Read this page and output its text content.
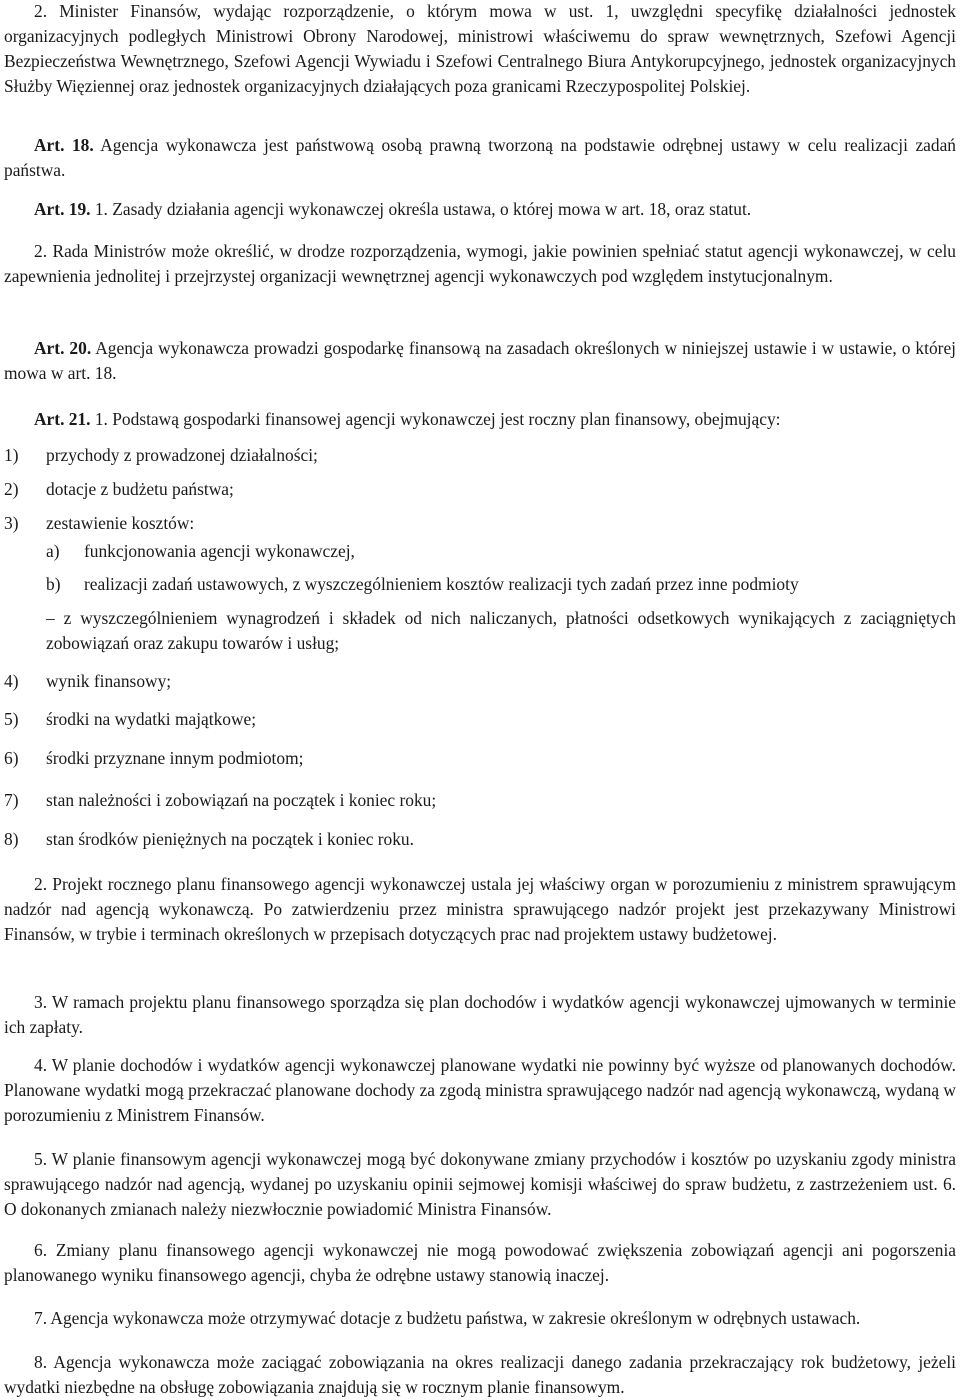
2. Minister Finansów, wydając rozporządzenie, o którym mowa w ust. 1, uwzględni specyfikę działalności jednostek organizacyjnych podległych Ministrowi Obrony Narodowej, ministrowi właściwemu do spraw wewnętrznych, Szefowi Agencji Bezpieczeństwa Wewnętrznego, Szefowi Agencji Wywiadu i Szefowi Centralnego Biura Antykorupcyjnego, jednostek organizacyjnych Służby Więziennej oraz jednostek organizacyjnych działających poza granicami Rzeczypospolitej Polskiej.

Art. 18. Agencja wykonawcza jest państwową osobą prawną tworzoną na podstawie odrębnej ustawy w celu realizacji zadań państwa.

Art. 19. 1. Zasady działania agencji wykonawczej określa ustawa, o której mowa w art. 18, oraz statut.

2. Rada Ministrów może określić, w drodze rozporządzenia, wymogi, jakie powinien spełniać statut agencji wykonawczej, w celu zapewnienia jednolitej i przejrzystej organizacji wewnętrznej agencji wykonawczych pod względem instytucjonalnym.

Art. 20. Agencja wykonawcza prowadzi gospodarkę finansową na zasadach określonych w niniejszej ustawie i w ustawie, o której mowa w art. 18.

Art. 21. 1. Podstawą gospodarki finansowej agencji wykonawczej jest roczny plan finansowy, obejmujący:

1)	przychody z prowadzonej działalności;
2)	dotacje z budżetu państwa;
3)	zestawienie kosztów:
a)	funkcjonowania agencji wykonawczej,
b)	realizacji zadań ustawowych, z wyszczególnieniem kosztów realizacji tych zadań przez inne podmioty

– z wyszczególnieniem wynagrodzeń i składek od nich naliczanych, płatności odsetkowych wynikających z zaciągniętych zobowiązań oraz zakupu towarów i usług;

4)	wynik finansowy;
5)	środki na wydatki majątkowe;
6)	środki przyznane innym podmiotom;
7)	stan należności i zobowiązań na początek i koniec roku;
8)	stan środków pieniężnych na początek i koniec roku.

2. Projekt rocznego planu finansowego agencji wykonawczej ustala jej właściwy organ w porozumieniu z ministrem sprawującym nadzór nad agencją wykonawczą. Po zatwierdzeniu przez ministra sprawującego nadzór projekt jest przekazywany Ministrowi Finansów, w trybie i terminach określonych w przepisach dotyczących prac nad projektem ustawy budżetowej.

3. W ramach projektu planu finansowego sporządza się plan dochodów i wydatków agencji wykonawczej ujmowanych w terminie ich zapłaty.

4. W planie dochodów i wydatków agencji wykonawczej planowane wydatki nie powinny być wyższe od planowanych dochodów. Planowane wydatki mogą przekraczać planowane dochody za zgodą ministra sprawującego nadzór nad agencją wykonawczą, wydaną w porozumieniu z Ministrem Finansów.

5. W planie finansowym agencji wykonawczej mogą być dokonywane zmiany przychodów i kosztów po uzyskaniu zgody ministra sprawującego nadzór nad agencją, wydanej po uzyskaniu opinii sejmowej komisji właściwej do spraw budżetu, z zastrzeżeniem ust. 6. O dokonanych zmianach należy niezwłocznie powiadomić Ministra Finansów.

6. Zmiany planu finansowego agencji wykonawczej nie mogą powodować zwiększenia zobowiązań agencji ani pogorszenia planowanego wyniku finansowego agencji, chyba że odrębne ustawy stanowią inaczej.

7. Agencja wykonawcza może otrzymywać dotacje z budżetu państwa, w zakresie określonym w odrębnych ustawach.

8. Agencja wykonawcza może zaciągać zobowiązania na okres realizacji danego zadania przekraczający rok budżetowy, jeżeli wydatki niezbędne na obsługę zobowiązania znajdują się w rocznym planie finansowym.
